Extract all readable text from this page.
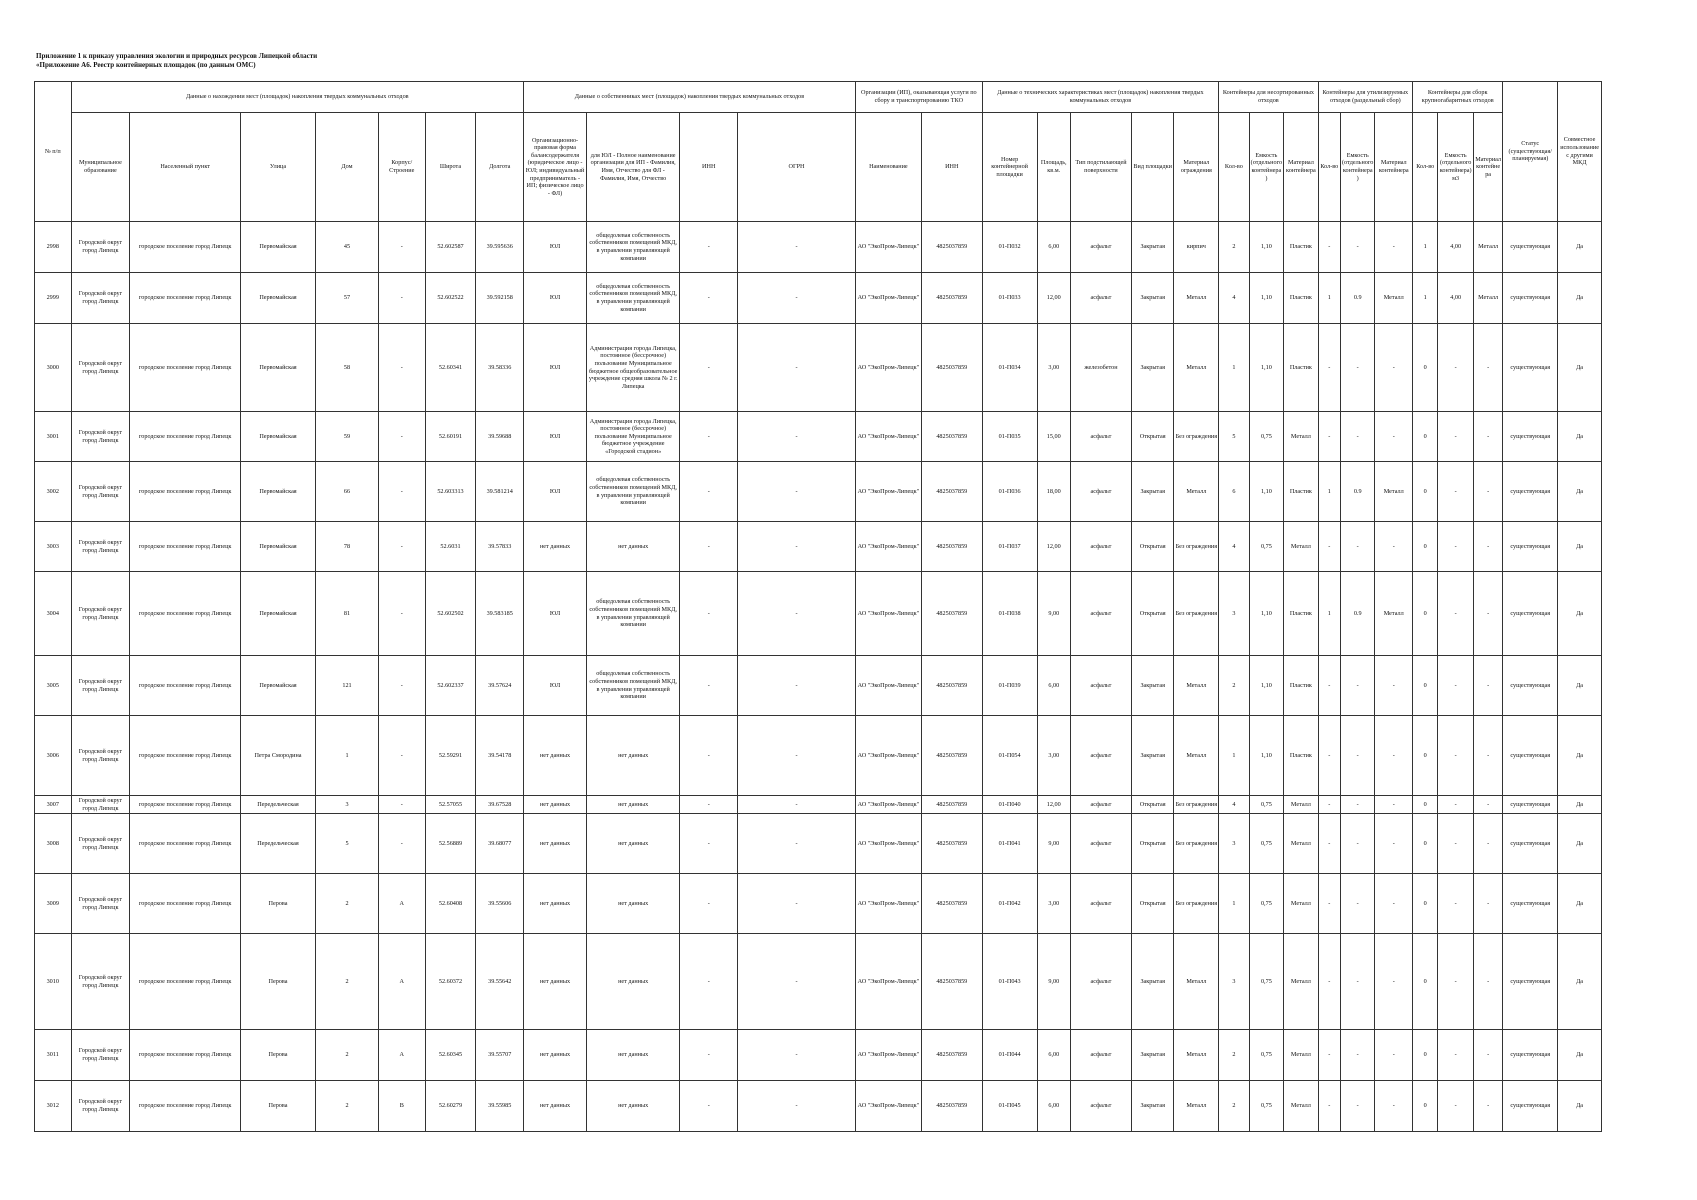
Приложение 1 к приказу управления экологии и природных ресурсов Липецкой области
«Приложение А6. Реестр контейнерных площадок (по данным ОМС)
№ п/п	Данные о нахождении мест (площадок) накопления твердых коммунальных отходов							Данные о собственниках мест (площадок) накопления твердых коммунальных отходов				Организации (ИП), оказывающая услуги по сбору и транспортированию ТКО		Данные о технических характеристиках мест (площадок) накопления твердых коммунальных отходов					Контейнеры для несортированных отходов			Контейнеры для утилизируемых отходов (раздельный сбор)			Контейнеры для сборк крупногабаритных отходов			Статус (существующая/планируемая)	Совместное использование с другими МКД
	Муниципальное образование	Населенный пункт	Улица	Дом	Корпус/Строение	Широта	Долгота	Организационно-правовая форма балансодержателя (юридическое лицо - ЮЛ; индивидуальный предприниматель - ИП; физическое лицо - ФЛ)	для ЮЛ - Полное наименование организации для ИП - Фамилия, Имя, Отчество для ФЛ - Фамилия, Имя, Отчество	ИНН	ОГРН	Наименование	ИНН	Номер контейнерной площадки	Площадь, кв.м.	Тип подстилающей поверхности	Вид площадки	Материал ограждения	Кол-во	Емкость (отдельного контейнера)	Материал контейнера	Кол-во	Емкость (отдельного контейнера)	Материал контейнера	Кол-во	Емкость (отдельного контейнера) м3	Материал контейнера		
2998	Городской округ город Липецк	городское поселение город Липецк	Первомайская	45	-	52.602587	39.595636	ЮЛ	общедолевая собственность собственников помещений МКД, в управлении управляющей компании	-	-	АО "ЭкоПром-Липецк"	4825037859	01-П032	6,00	асфальт	Закрытая	кирпич	2	1,10	Пластик	-	-	-	1	4,00	Металл	существующая	Да
2999	Городской округ город Липецк	городское поселение город Липецк	Первомайская	57	-	52.602522	39.592158	ЮЛ	общедолевая собственность собственников помещений МКД, в управлении управляющей компании	-	-	АО "ЭкоПром-Липецк"	4825037859	01-П033	12,00	асфальт	Закрытая	Металл	4	1,10	Пластик	1	0.9	Металл	1	4,00	Металл	существующая	Да
3000	Городской округ город Липецк	городское поселение город Липецк	Первомайская	58	-	52.60341	39.58336	ЮЛ	Администрация города Липецка, постоянное (бессрочное) пользование Муниципальное бюджетное общеобразовательное учреждение средняя школа № 2 г. Липецка	-	-	АО "ЭкоПром-Липецк"	4825037859	01-П034	3,00	железобетон	Закрытая	Металл	1	1,10	Пластик	-	-	-	0	-	-	существующая	Да
3001	Городской округ город Липецк	городское поселение город Липецк	Первомайская	59	-	52.60191	39.59688	ЮЛ	Администрация города Липецка, постоянное (бессрочное) пользование Муниципальное бюджетное учреждение «Городской стадион»	-	-	АО "ЭкоПром-Липецк"	4825037859	01-П035	15,00	асфальт	Открытая	Без ограждения	5	0,75	Металл	-	-	-	0	-	-	существующая	Да
3002	Городской округ город Липецк	городское поселение город Липецк	Первомайская	66	-	52.603313	39.581214	ЮЛ	общедолевая собственность собственников помещений МКД, в управлении управляющей компании	-	-	АО "ЭкоПром-Липецк"	4825037859	01-П036	18,00	асфальт	Закрытая	Металл	6	1,10	Пластик	1	0.9	Металл	0	-	-	существующая	Да
3003	Городской округ город Липецк	городское поселение город Липецк	Первомайская	78	-	52.6031	39.57833	нет данных	нет данных	-	-	АО "ЭкоПром-Липецк"	4825037859	01-П037	12,00	асфальт	Открытая	Без ограждения	4	0,75	Металл	-	-	-	0	-	-	существующая	Да
3004	Городской округ город Липецк	городское поселение город Липецк	Первомайская	81	-	52.602502	39.583185	ЮЛ	общедолевая собственность собственников помещений МКД, в управлении управляющей компании	-	-	АО "ЭкоПром-Липецк"	4825037859	01-П038	9,00	асфальт	Открытая	Без ограждения	3	1,10	Пластик	1	0.9	Металл	0	-	-	существующая	Да
3005	Городской округ город Липецк	городское поселение город Липецк	Первомайская	121	-	52.602337	39.57624	ЮЛ	общедолевая собственность собственников помещений МКД, в управлении управляющей компании	-	-	АО "ЭкоПром-Липецк"	4825037859	01-П039	6,00	асфальт	Закрытая	Металл	2	1,10	Пластик	-	-	-	0	-	-	существующая	Да
3006	Городской округ город Липецк	городское поселение город Липецк	Петра Смородина	1	-	52.59291	39.54178	нет данных	нет данных	-	-	АО "ЭкоПром-Липецк"	4825037859	01-П054	3,00	асфальт	Закрытая	Металл	1	1,10	Пластик	-	-	-	0	-	-	существующая	Да
3007	Городской округ город Липецк	городское поселение город Липецк	Передельческая	3	-	52.57055	39.67528	нет данных	нет данных	-	-	АО "ЭкоПром-Липецк"	4825037859	01-П040	12,00	асфальт	Открытая	Без ограждения	4	0,75	Металл	-	-	-	0	-	-	существующая	Да
3008	Городской округ город Липецк	городское поселение город Липецк	Передельческая	5	-	52.56889	39.68077	нет данных	нет данных	-	-	АО "ЭкоПром-Липецк"	4825037859	01-П041	9,00	асфальт	Открытая	Без ограждения	3	0,75	Металл	-	-	-	0	-	-	существующая	Да
3009	Городской округ город Липецк	городское поселение город Липецк	Перова	2	А	52.60408	39.55606	нет данных	нет данных	-	-	АО "ЭкоПром-Липецк"	4825037859	01-П042	3,00	асфальт	Открытая	Без ограждения	1	0,75	Металл	-	-	-	0	-	-	существующая	Да
3010	Городской округ город Липецк	городское поселение город Липецк	Перова	2	А	52.60372	39.55642	нет данных	нет данных	-	-	АО "ЭкоПром-Липецк"	4825037859	01-П043	9,00	асфальт	Закрытая	Металл	3	0,75	Металл	-	-	-	0	-	-	существующая	Да
3011	Городской округ город Липецк	городское поселение город Липецк	Перова	2	А	52.60345	39.55707	нет данных	нет данных	-	-	АО "ЭкоПром-Липецк"	4825037859	01-П044	6,00	асфальт	Закрытая	Металл	2	0,75	Металл	-	-	-	0	-	-	существующая	Да
3012	Городской округ город Липецк	городское поселение город Липецк	Перова	2	В	52.60279	39.55985	нет данных	нет данных	-	-	АО "ЭкоПром-Липецк"	4825037859	01-П045	6,00	асфальт	Закрытая	Металл	2	0,75	Металл	-	-	-	0	-	-	существующая	Да
